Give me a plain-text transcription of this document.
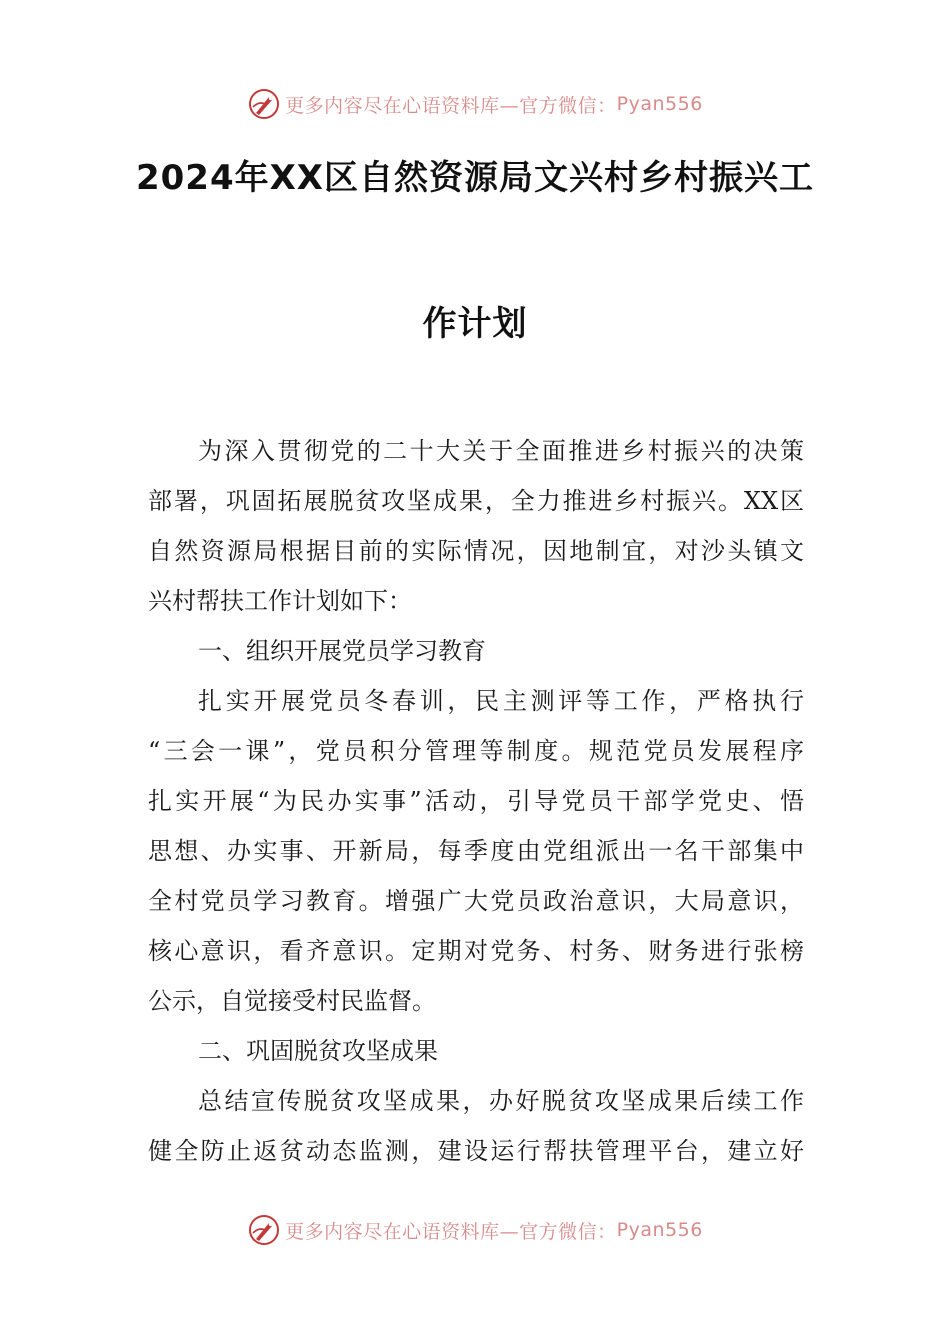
更多内容尽在心语资料库—官方微信： Pyan556
2024年XX区自然资源局文兴村乡村振兴工
作计划
为深入贯彻党的二十大关于全面推进乡村振兴的决策
部署，巩固拓展脱贫攻坚成果，全力推进乡村振兴。XX区
自然资源局根据目前的实际情况，因地制宜，对沙头镇文
兴村帮扶工作计划如下：
一、组织开展党员学习教育
扎实开展党员冬春训，民主测评等工作，严格执行
“三会一课”，党员积分管理等制度。规范党员发展程序
扎实开展“为民办实事”活动，引导党员干部学党史、悟
思想、办实事、开新局，每季度由党组派出一名干部集中
全村党员学习教育。增强广大党员政治意识，大局意识，
核心意识，看齐意识。定期对党务、村务、财务进行张榜
公示，自觉接受村民监督。
二、巩固脱贫攻坚成果
总结宣传脱贫攻坚成果，办好脱贫攻坚成果后续工作
健全防止返贫动态监测，建设运行帮扶管理平台，建立好
更多内容尽在心语资料库—官方微信： Pyan556
